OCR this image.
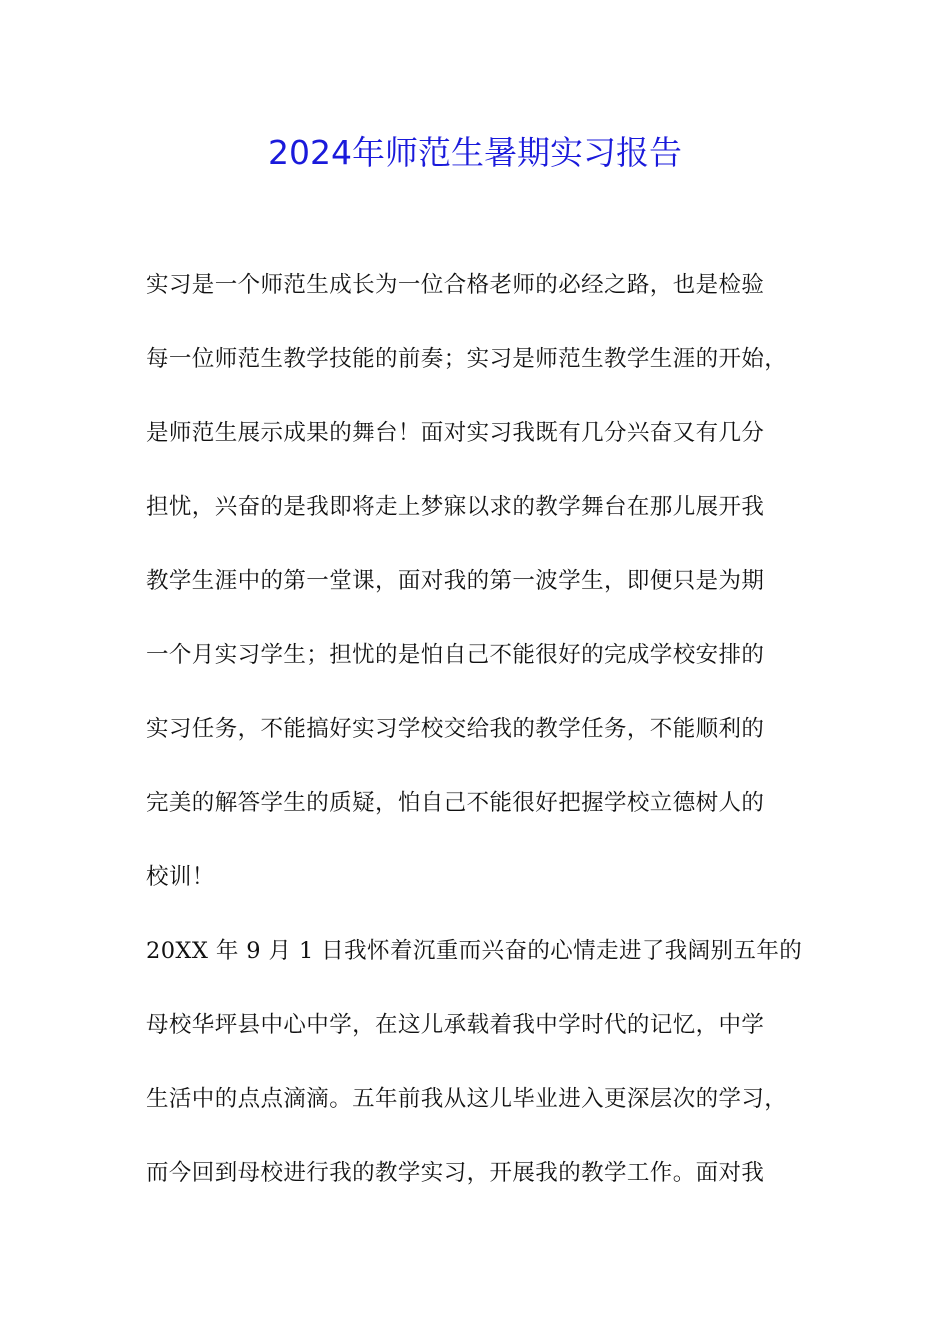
2024年师范生暑期实习报告
实习是一个师范生成长为一位合格老师的必经之路，也是检验
每一位师范生教学技能的前奏；实习是师范生教学生涯的开始，
是师范生展示成果的舞台！面对实习我既有几分兴奋又有几分
担忧，兴奋的是我即将走上梦寐以求的教学舞台在那儿展开我
教学生涯中的第一堂课，面对我的第一波学生，即便只是为期
一个月实习学生；担忧的是怕自己不能很好的完成学校安排的
实习任务，不能搞好实习学校交给我的教学任务，不能顺利的
完美的解答学生的质疑，怕自己不能很好把握学校立德树人的
校训！
20XX 年 9 月 1 日我怀着沉重而兴奋的心情走进了我阔别五年的
母校华坪县中心中学，在这儿承载着我中学时代的记忆，中学
生活中的点点滴滴。五年前我从这儿毕业进入更深层次的学习，
而今回到母校进行我的教学实习，开展我的教学工作。面对我
